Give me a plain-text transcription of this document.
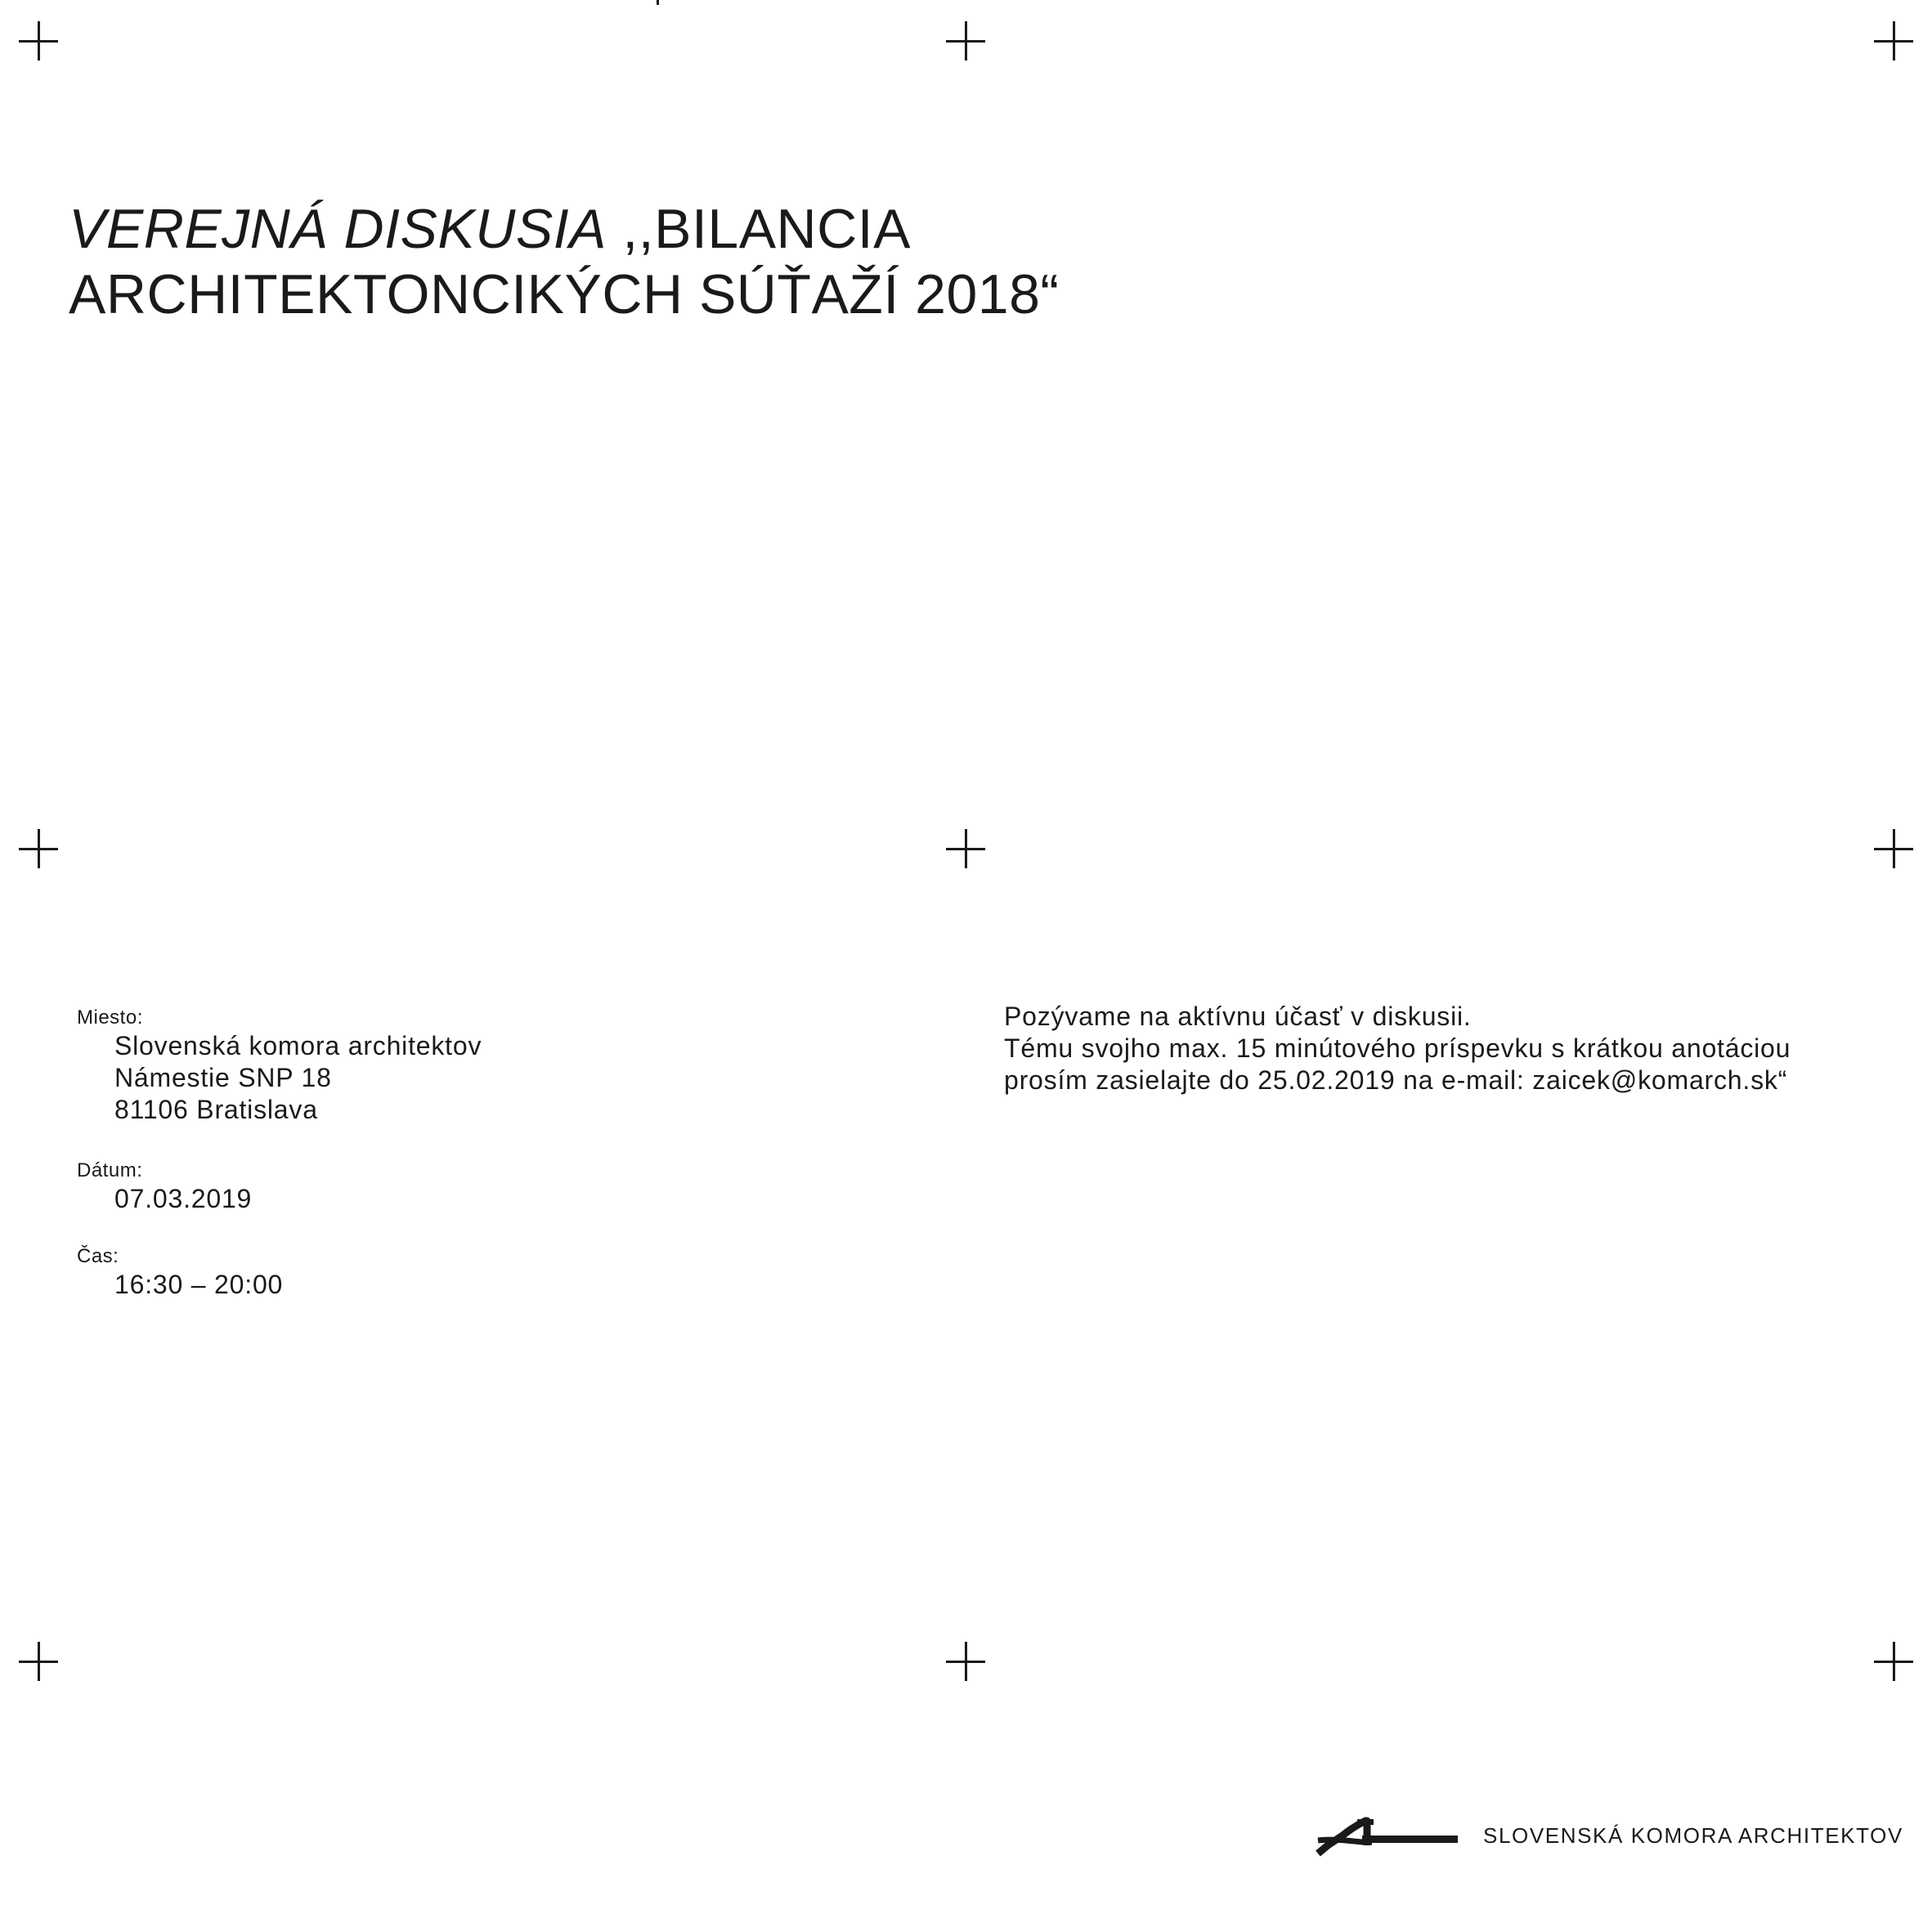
VEREJNÁ DISKUSIA ,,BILANCIA
ARCHITEKTONCIKÝCH SÚŤAŽÍ 2018“
Miesto:
Slovenská komora architektov
Námestie SNP 18
81106 Bratislava
Dátum:
07.03.2019
Čas:
16:30 – 20:00
Pozývame na aktívnu účasť v diskusii.
Tému svojho max. 15 minútového príspevku s krátkou anotáciou
prosím zasielajte do 25.02.2019 na e-mail: zaicek@komarch.sk“
SLOVENSKÁ KOMORA ARCHITEKTOV
